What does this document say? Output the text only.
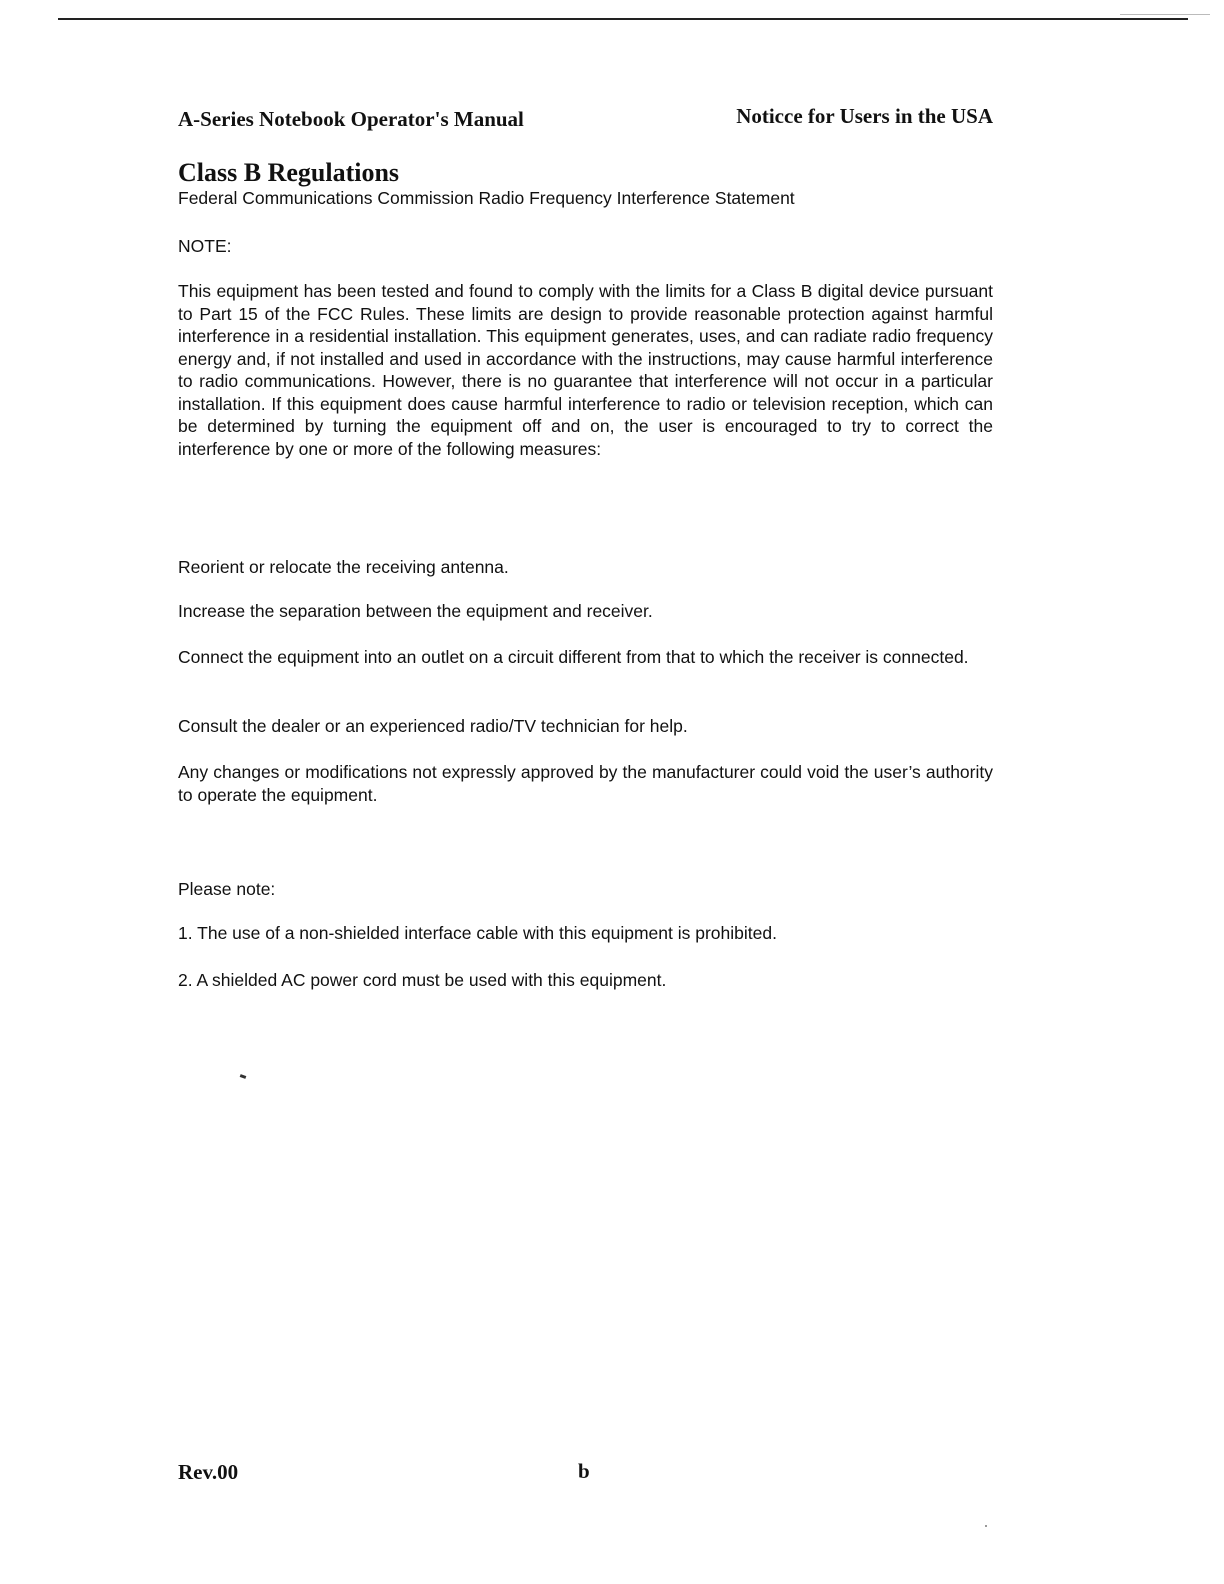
A-Series Notebook Operator's Manual	Noticce for Users in the USA
Class B Regulations
Federal Communications Commission Radio Frequency Interference Statement
NOTE:
This equipment has been tested and found to comply with the limits for a Class B digital device pursuant to Part 15 of the FCC Rules. These limits are design to provide reasonable protection against harmful interference in a residential installation. This equipment generates, uses, and can radiate radio frequency energy and, if not installed and used in accordance with the instructions, may cause harmful interference to radio communications. However, there is no guarantee that interference will not occur in a particular installation. If this equipment does cause harmful interference to radio or television reception, which can be determined by turning the equipment off and on, the user is encouraged to try to correct the interference by one or more of the following measures:
Reorient or relocate the receiving antenna.
Increase the separation between the equipment and receiver.
Connect the equipment into an outlet on a circuit different from that to which the receiver is connected.
Consult the dealer or an experienced radio/TV technician for help.
Any changes or modifications not expressly approved by the manufacturer could void the user’s authority to operate the equipment.
Please note:
1. The use of a non-shielded interface cable with this equipment is prohibited.
2. A shielded AC power cord must be used with this equipment.
Rev.00	b
